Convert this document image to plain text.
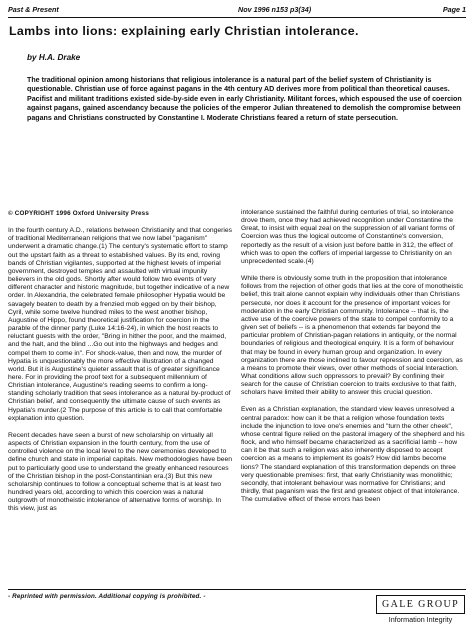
Past & Present	Nov 1996 n153 p3(34)	Page 1
Lambs into lions: explaining early Christian intolerance.
by H.A. Drake

The traditional opinion among historians that religious intolerance is a natural part of the belief system of Christianity is questionable. Christian use of force against pagans in the 4th century AD derives more from political than theoretical causes. Pacifist and militant traditions existed side-by-side even in early Christianity. Militant forces, which espoused the use of coercion against pagans, gained ascendancy because the policies of the emperor Julian threatened to demolish the compromise between pagans and Christians constructed by Constantine I. Moderate Christians feared a return of state persecution.

© COPYRIGHT 1996 Oxford University Press

In the fourth century A.D., relations between Christianity and that congeries of traditional Mediterranean religions that we now label "paganism" underwent a dramatic change.(1) The century's systematic effort to stamp out the upstart faith as a threat to established values. By its end, roving bands of Christian vigilantes, supported at the highest levels of imperial government, destroyed temples and assaulted with virtual impunity believers in the old gods. Shortly after would follow two events of very different character and historic magnitude, but together indicative of a new order. In Alexandria, the celebrated female philosopher Hypatia would be savagely beaten to death by a frenzied mob egged on by their bishop, Cyril, while some twelve hundred miles to the west another bishop, Augustine of Hippo, found theoretical justification for coercion in the parable of the dinner party (Luke 14:16-24), in which the host reacts to reluctant guests with the order, "Bring in hither the poor, and the maimed, and the halt, and the blind ...Go out into the highways and hedges and compel them to come in". For shock-value, then and now, the murder of Hypatia is unquestionably the more effective illustration of a changed world. But it is Augustine's quieter assault that is of greater significance here. For in providing the proof text for a subsequent millennium of Christian intolerance, Augustine's reading seems to confirm a long-standing scholarly tradition that sees intolerance as a natural by-product of Christian belief, and consequently the ultimate cause of such events as Hypatia's murder.(2 The purpose of this article is to call that comfortable explanation into question.

Recent decades have seen a burst of new scholarship on virtually all aspects of Christian expansion in the fourth century, from the use of controlled violence on the local level to the new ceremonies developed to define church and state in imperial capitals. New methodologies have been put to particularly good use to understand the greatly enhanced resources of the Christian bishop in the post-Constantinian era.(3) But this new scholarship continues to follow a conceptual scheme that is at least two hundred years old, according to which this coercion was a natural outgrowth of monotheistic intolerance of alternative forms of worship. In this view, just as

intolerance sustained the faithful during centuries of trial, so intolerance drove them, once they had achieved recognition under Constantine the Great, to insist with equal zeal on the suppression of all variant forms of Coercion was thus the logical outcome of Constantine's conversion, reportedly as the result of a vision just before battle in 312, the effect of which was to open the coffers of imperial largesse to Christianity on an unprecedented scale.(4)

While there is obviously some truth in the proposition that intolerance follows from the rejection of other gods that lies at the core of monotheistic belief, this trait alone cannot explain why individuals other than Christians persecute, nor does it account for the presence of important voices for moderation in the early Christian community. Intolerance -- that is, the active use of the coercive powers of the state to compel conformity to a given set of beliefs -- is a phenomenon that extends far beyond the particular problem of Christian-pagan relations in antiquity, or the normal boundaries of religious and theological enquiry. It is a form of behaviour that may be found in every human group and organization. In every organization there are those inclined to favour repression and coercion, as a means to promote their views, over other methods of social Interaction. What conditions allow such oppressors to prevail? By confining their search for the cause of Christian coercion to traits exclusive to that faith, scholars have limited their ability to answer this crucial question.

Even as a Christian explanation, the standard view leaves unresolved a central paradox: how can it be that a religion whose foundation texts include the injunction to love one's enemies and "turn the other cheek", whose central figure relied on the pastoral imagery of the shepherd and his flock, and who himself became characterized as a sacrificial lamb -- how can it be that such a religion was also inherently disposed to accept coercion as a means to implement its goals? How did lambs become lions? The standard explanation of this transformation depends on three very questionable premises: first, that early Christianity was monolithic; secondly, that intolerant behaviour was normative for Christians; and thirdly, that paganism was the first and greatest object of that intolerance. The cumulative effect of these errors has been

- Reprinted with permission. Additional copying is prohibited. -
GALE GROUP
Information Integrity
